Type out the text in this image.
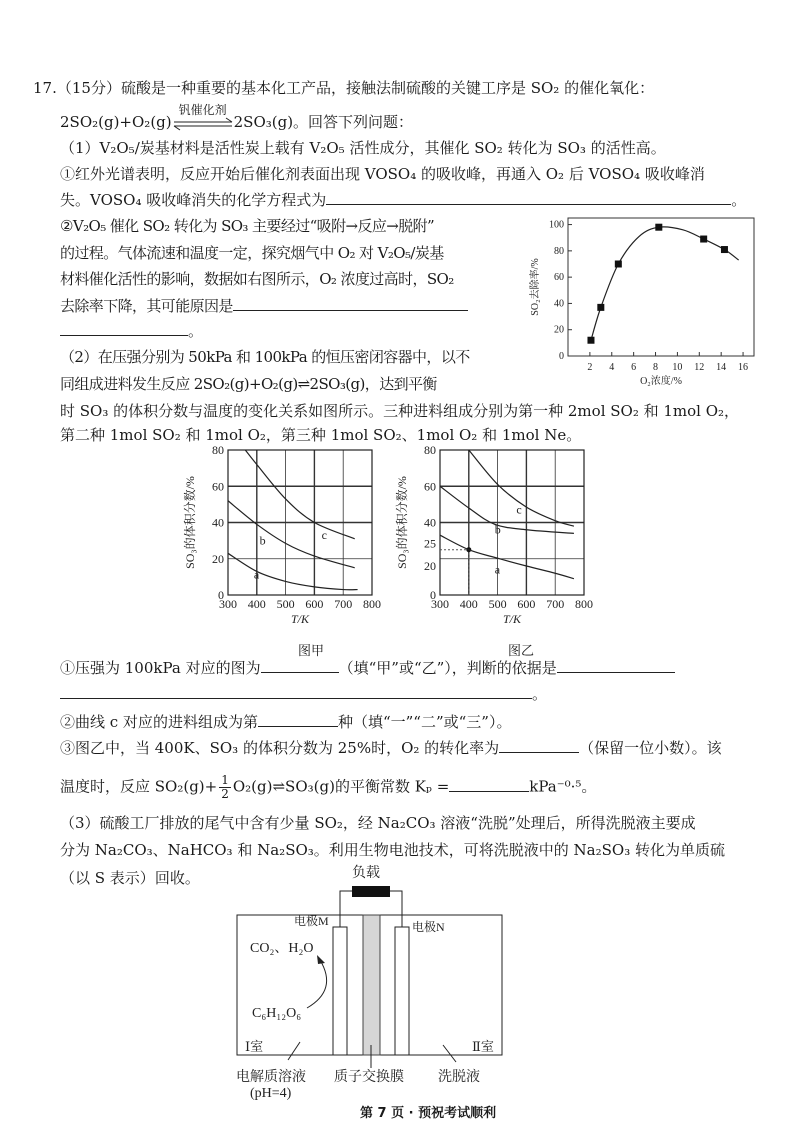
17.（15分）硫酸是一种重要的基本化工产品，接触法制硫酸的关键工序是 SO₂ 的催化氧化：
2SO₂(g)+O₂(g)
钒催化剂
2SO₃(g)。回答下列问题：
（1）V₂O₅/炭基材料是活性炭上载有 V₂O₅ 活性成分，其催化 SO₂ 转化为 SO₃ 的活性高。
①红外光谱表明，反应开始后催化剂表面出现 VOSO₄ 的吸收峰，再通入 O₂ 后 VOSO₄ 吸收峰消
失。VOSO₄ 吸收峰消失的化学方程式为	。
②V₂O₅ 催化 SO₂ 转化为 SO₃ 主要经过“吸附→反应→脱附”
的过程。气体流速和温度一定，探究烟气中 O₂ 对 V₂O₅/炭基
材料催化活性的影响，数据如右图所示，O₂ 浓度过高时，SO₂
去除率下降，其可能原因是
。
（2）在压强分别为 50kPa 和 100kPa 的恒压密闭容器中，以不
同组成进料发生反应 2SO₂(g)+O₂(g)⇌2SO₃(g)，达到平衡
时 SO₃ 的体积分数与温度的变化关系如图所示。三种进料组成分别为第一种 2mol SO₂ 和 1mol O₂，
第二种 1mol SO₂ 和 1mol O₂，第三种 1mol SO₂、1mol O₂ 和 1mol Ne。
2 4 6 8 10 12 14 16
0
20
40
60
80
100
O₂浓度/%
SO₂去除率/%
300 400 500 600 700 800
0
20
40
60
80
T/K
SO₃的体积分数/%
a
b	c
300 400 500 600 700 800
0
20
25
40
60
80
T/K
SO₃的体积分数/%
a
b
c
图甲	图乙
①压强为 100kPa 对应的图为	（填“甲”或“乙”），判断的依据是
。
②曲线 c 对应的进料组成为第	种（填“一”“二”或“三”）。
③图乙中，当 400K、SO₃ 的体积分数为 25%时，O₂ 的转化率为	（保留一位小数）。该
温度时，反应 $SO_2(g)+ \frac{1}{2}$ O₂(g)⇌SO₃(g)的平衡常数 Kₚ =	kPa⁻⁰·⁵。
（3）硫酸工厂排放的尾气中含有少量 SO₂，经 Na₂CO₃ 溶液“洗脱”处理后，所得洗脱液主要成
分为 Na₂CO₃、NaHCO₃ 和 Na₂SO₃。利用生物电池技术，可将洗脱液中的 Na₂SO₃ 转化为单质硫
（以 S 表示）回收。	负载
电极M	电极N
CO₂、H₂O
C₆H₁₂O₆
Ⅰ室	Ⅱ室
电解质溶液
(pH=4)
质子交换膜 洗脱液
第 7 页 · 预祝考试顺利
